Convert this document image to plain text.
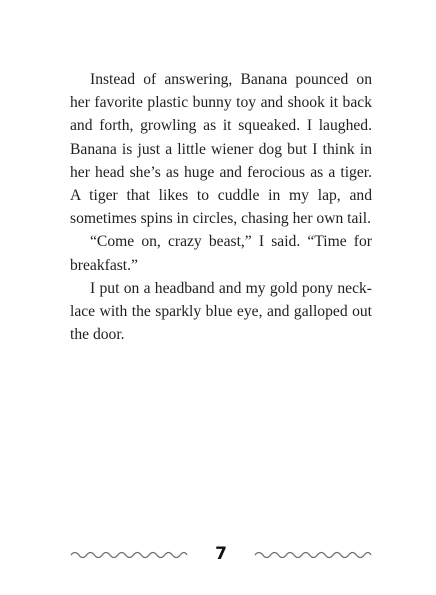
Instead of answering, Banana pounced on her favorite plastic bunny toy and shook it back and forth, growling as it squeaked. I laughed. Banana is just a little wiener dog but I think in her head she’s as huge and ferocious as a tiger. A tiger that likes to cuddle in my lap, and sometimes spins in circles, chasing her own tail.

“Come on, crazy beast,” I said. “Time for breakfast.”

I put on a headband and my gold pony neck-lace with the sparkly blue eye, and galloped out the door.

7
